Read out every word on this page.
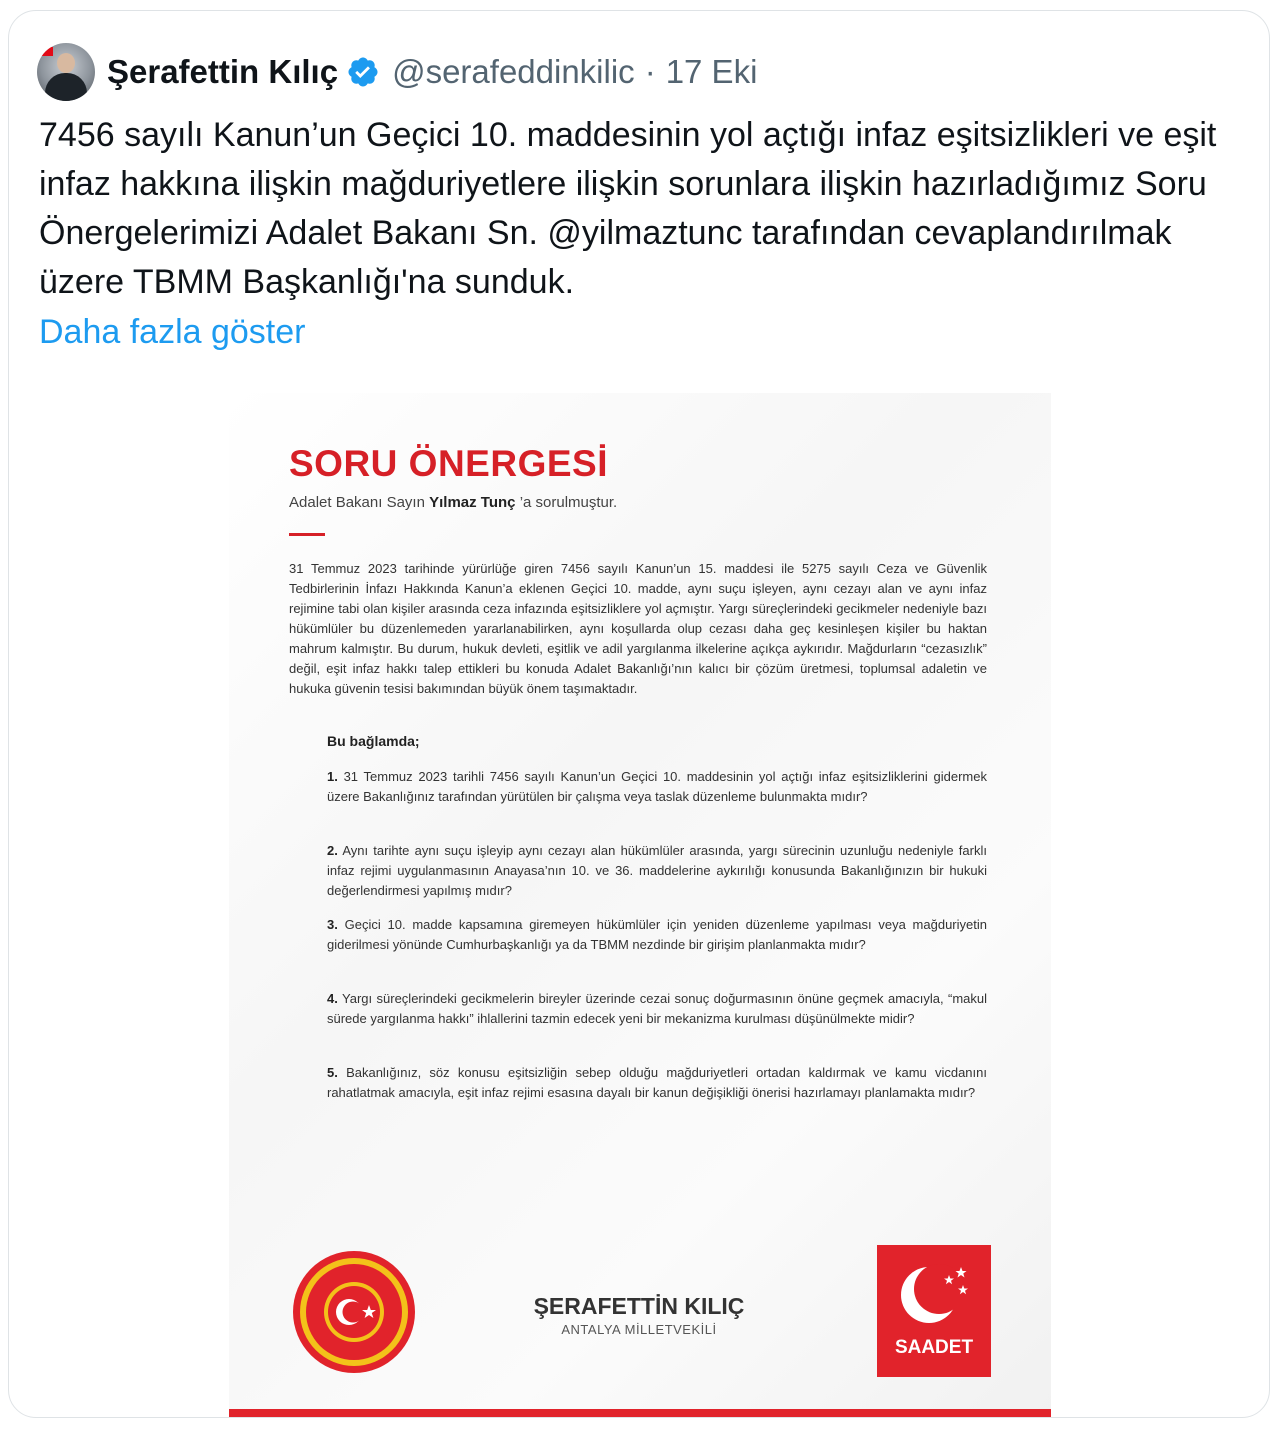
Şerafettin Kılıç @serafeddinkilic · 17 Eki
7456 sayılı Kanun’un Geçici 10. maddesinin yol açtığı infaz eşitsizlikleri ve eşit infaz hakkına ilişkin mağduriyetlere ilişkin sorunlara ilişkin hazırladığımız Soru Önergelerimizi Adalet Bakanı Sn. @yilmaztunc tarafından cevaplandırılmak üzere TBMM Başkanlığı'na sunduk.
Daha fazla göster
SORU ÖNERGESİ
Adalet Bakanı Sayın Yılmaz Tunç ’a sorulmuştur.
31 Temmuz 2023 tarihinde yürürlüğe giren 7456 sayılı Kanun’un 15. maddesi ile 5275 sayılı Ceza ve Güvenlik Tedbirlerinin İnfazı Hakkında Kanun’a eklenen Geçici 10. madde, aynı suçu işleyen, aynı cezayı alan ve aynı infaz rejimine tabi olan kişiler arasında ceza infazında eşitsizliklere yol açmıştır. Yargı süreçlerindeki gecikmeler nedeniyle bazı hükümlüler bu düzenlemeden yararlanabilirken, aynı koşullarda olup cezası daha geç kesinleşen kişiler bu haktan mahrum kalmıştır. Bu durum, hukuk devleti, eşitlik ve adil yargılanma ilkelerine açıkça aykırıdır. Mağdurların “cezasızlık” değil, eşit infaz hakkı talep ettikleri bu konuda Adalet Bakanlığı’nın kalıcı bir çözüm üretmesi, toplumsal adaletin ve hukuka güvenin tesisi bakımından büyük önem taşımaktadır.
Bu bağlamda;
1. 31 Temmuz 2023 tarihli 7456 sayılı Kanun’un Geçici 10. maddesinin yol açtığı infaz eşitsizliklerini gidermek üzere Bakanlığınız tarafından yürütülen bir çalışma veya taslak düzenleme bulunmakta mıdır?
2. Aynı tarihte aynı suçu işleyip aynı cezayı alan hükümlüler arasında, yargı sürecinin uzunluğu nedeniyle farklı infaz rejimi uygulanmasının Anayasa’nın 10. ve 36. maddelerine aykırılığı konusunda Bakanlığınızın bir hukuki değerlendirmesi yapılmış mıdır?
3. Geçici 10. madde kapsamına giremeyen hükümlüler için yeniden düzenleme yapılması veya mağduriyetin giderilmesi yönünde Cumhurbaşkanlığı ya da TBMM nezdinde bir girişim planlanmakta mıdır?
4. Yargı süreçlerindeki gecikmelerin bireyler üzerinde cezai sonuç doğurmasının önüne geçmek amacıyla, “makul sürede yargılanma hakkı” ihlallerini tazmin edecek yeni bir mekanizma kurulması düşünülmekte midir?
5. Bakanlığınız, söz konusu eşitsizliğin sebep olduğu mağduriyetleri ortadan kaldırmak ve kamu vicdanını rahatlatmak amacıyla, eşit infaz rejimi esasına dayalı bir kanun değişikliği önerisi hazırlamayı planlamakta mıdır?
ŞERAFETTİN KILIÇ
ANTALYA MİLLETVEKİLİ
SAADET
